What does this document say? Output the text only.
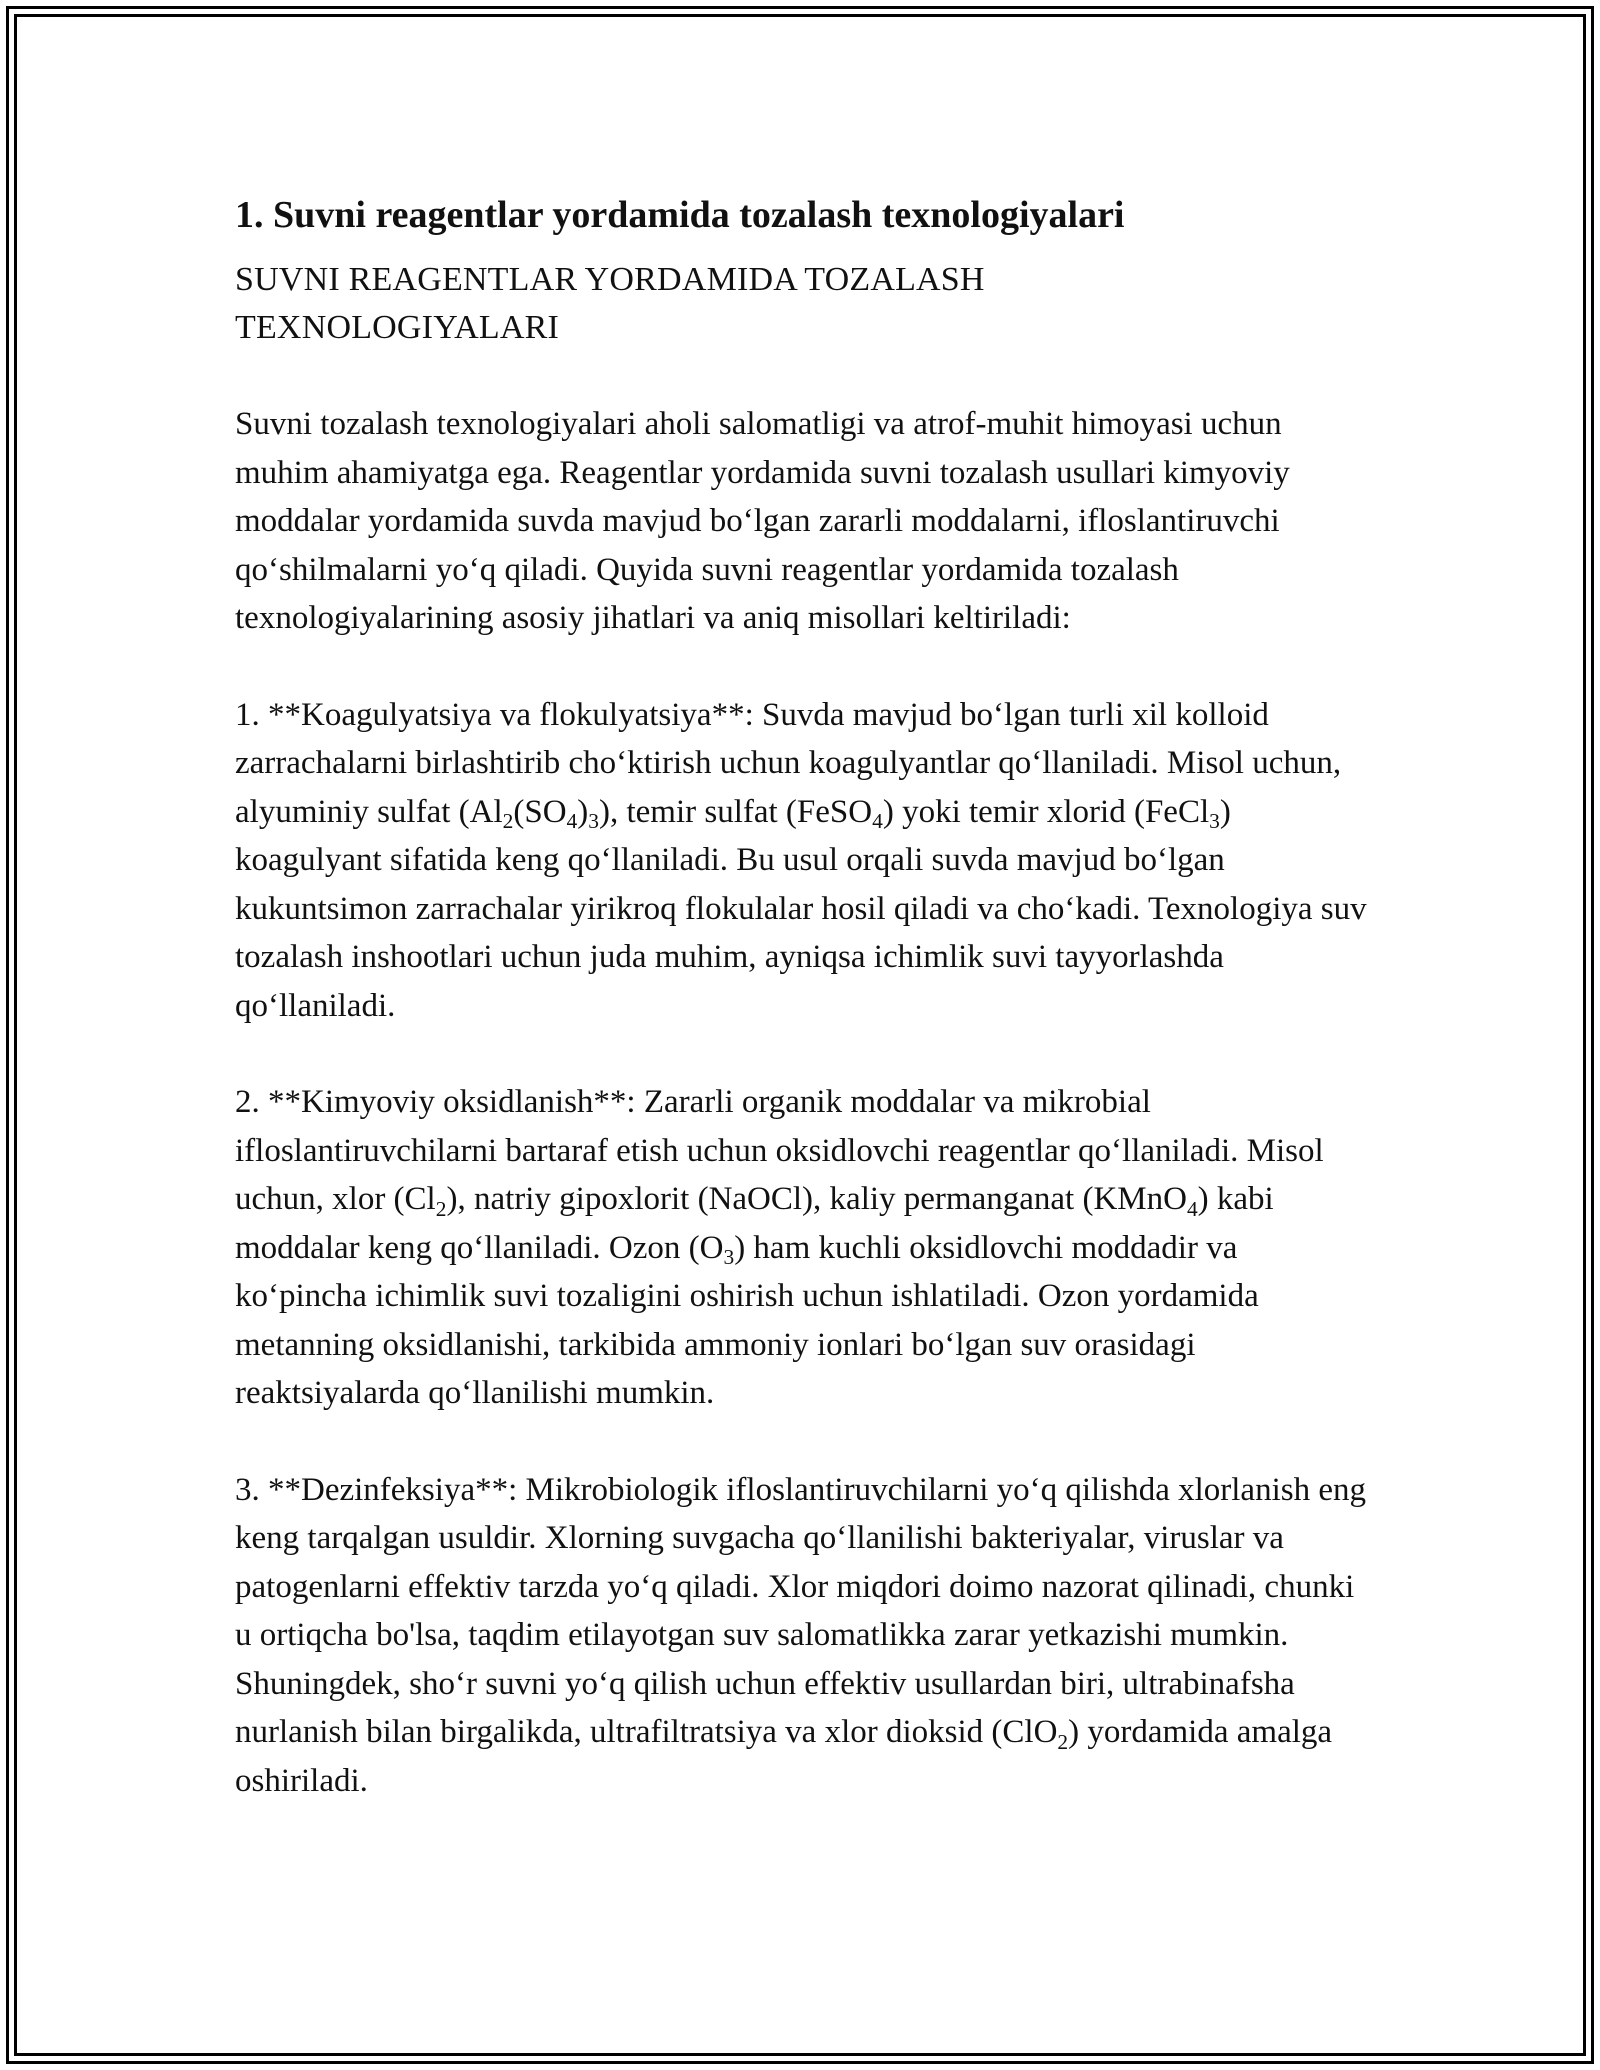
1. Suvni reagentlar yordamida tozalash texnologiyalari

SUVNI REAGENTLAR YORDAMIDA TOZALASH TEXNOLOGIYALARI

Suvni tozalash texnologiyalari aholi salomatligi va atrof-muhit himoyasi uchun muhim ahamiyatga ega. Reagentlar yordamida suvni tozalash usullari kimyoviy moddalar yordamida suvda mavjud bo‘lgan zararli moddalarni, ifloslantiruvchi qo‘shilmalarni yo‘q qiladi. Quyida suvni reagentlar yordamida tozalash texnologiyalarining asosiy jihatlari va aniq misollari keltiriladi:

1. **Koagulyatsiya va flokulyatsiya**: Suvda mavjud bo‘lgan turli xil kolloid zarrachalarni birlashtirib cho‘ktirish uchun koagulyantlar qo‘llaniladi. Misol uchun, alyuminiy sulfat $(Al_2(SO_4)_3)$, temir sulfat (FeSO$_4$) yoki temir xlorid (FeCl$_3$) koagulyant sifatida keng qo‘llaniladi. Bu usul orqali suvda mavjud bo‘lgan kukuntsimon zarrachalar yirikroq flokulalar hosil qiladi va cho‘kadi. Texnologiya suv tozalash inshootlari uchun juda muhim, ayniqsa ichimlik suvi tayyorlashda qo‘llaniladi.

2. **Kimyoviy oksidlanish**: Zararli organik moddalar va mikrobial ifloslantiruvchilarni bartaraf etish uchun oksidlovchi reagentlar qo‘llaniladi. Misol uchun, xlor $(Cl_2)$, natriy gipoxlorit (NaOCl), kaliy permanganat (KMnO$_4$) kabi moddalar keng qo‘llaniladi. Ozon $(O_3)$ ham kuchli oksidlovchi moddadir va ko‘pincha ichimlik suvi tozaligini oshirish uchun ishlatiladi. Ozon yordamida metanning oksidlanishi, tarkibida ammoniy ionlari bo‘lgan suv orasidagi reaktsiyalarda qo‘llanilishi mumkin.

3. **Dezinfeksiya**: Mikrobiologik ifloslantiruvchilarni yo‘q qilishda xlorlanish eng keng tarqalgan usuldir. Xlorning suvgacha qo‘llanilishi bakteriyalar, viruslar va patogenlarni effektiv tarzda yo‘q qiladi. Xlor miqdori doimo nazorat qilinadi, chunki u ortiqcha bo'lsa, taqdim etilayotgan suv salomatlikka zarar yetkazishi mumkin. Shuningdek, sho‘r suvni yo‘q qilish uchun effektiv usullardan biri, ultrabinafsha nurlanish bilan birgalikda, ultrafiltratsiya va xlor dioksid (ClO$_2$) yordamida amalga oshiriladi.
